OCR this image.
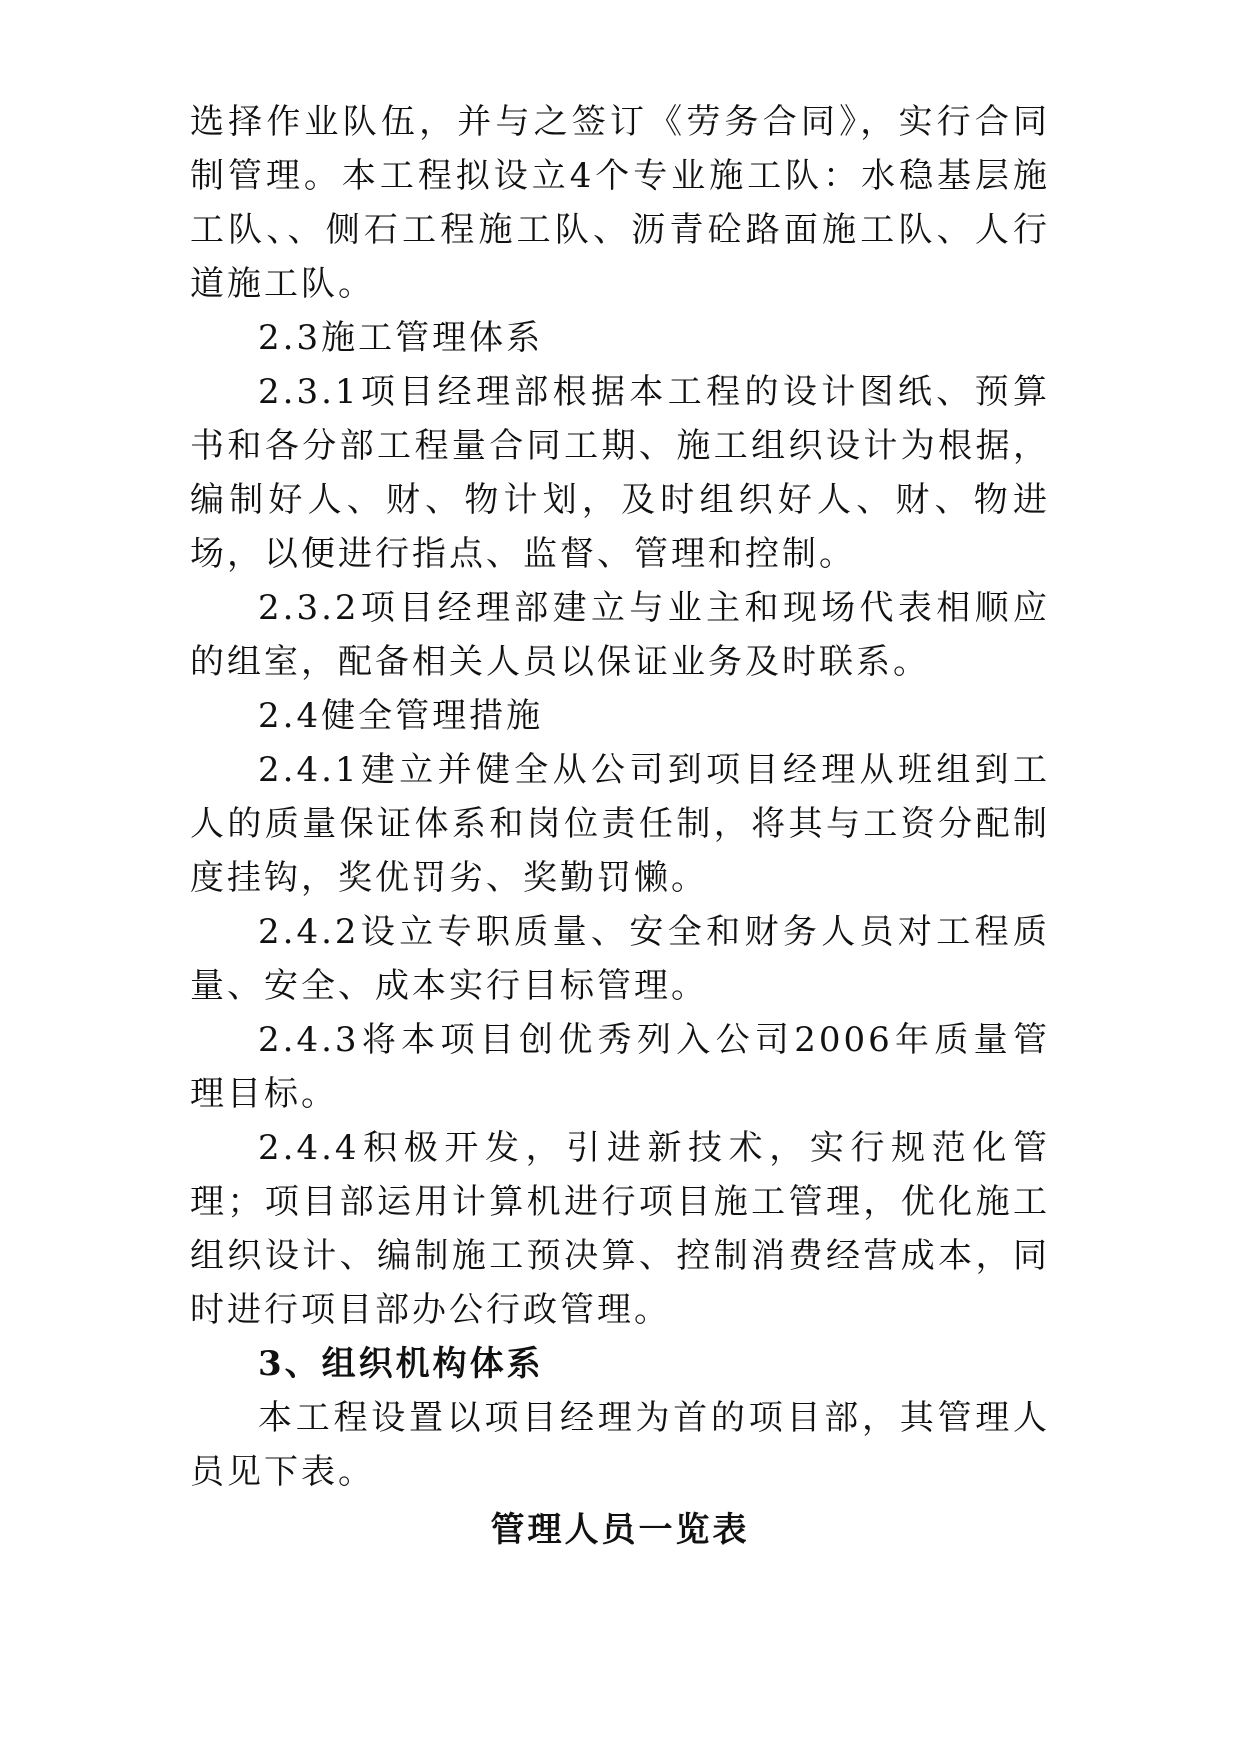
选择作业队伍，并与之签订《劳务合同》，实行合同制管理。本工程拟设立4个专业施工队：水稳基层施工队、、侧石工程施工队、沥青砼路面施工队、人行道施工队。

2.3施工管理体系

2.3.1项目经理部根据本工程的设计图纸、预算书和各分部工程量合同工期、施工组织设计为根据，编制好人、财、物计划，及时组织好人、财、物进场，以便进行指点、监督、管理和控制。

2.3.2项目经理部建立与业主和现场代表相顺应的组室，配备相关人员以保证业务及时联系。

2.4健全管理措施

2.4.1建立并健全从公司到项目经理从班组到工人的质量保证体系和岗位责任制，将其与工资分配制度挂钩，奖优罚劣、奖勤罚懒。

2.4.2设立专职质量、安全和财务人员对工程质量、安全、成本实行目标管理。

2.4.3将本项目创优秀列入公司2006年质量管理目标。

2.4.4积极开发，引进新技术，实行规范化管理；项目部运用计算机进行项目施工管理，优化施工组织设计、编制施工预决算、控制消费经营成本，同时进行项目部办公行政管理。

3、组织机构体系

本工程设置以项目经理为首的项目部，其管理人员见下表。

管理人员一览表
